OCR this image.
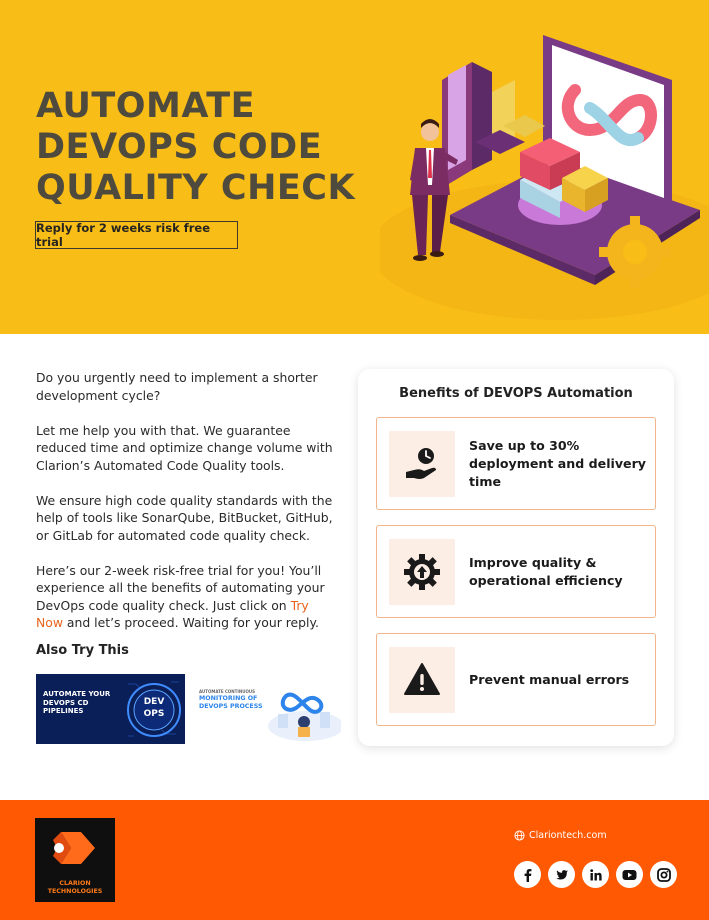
AUTOMATE
DEVOPS CODE
QUALITY CHECK
Reply for 2 weeks risk free trial

Do you urgently need to implement a shorter development cycle?

Let me help you with that. We guarantee reduced time and optimize change volume with Clarion’s Automated Code Quality tools.

We ensure high code quality standards with the help of tools like SonarQube, BitBucket, GitHub, or GitLab for automated code quality check.

Here’s our 2-week risk-free trial for you! You’ll experience all the benefits of automating your DevOps code quality check. Just click on Try Now and let’s proceed. Waiting for your reply.

Also Try This
AUTOMATE YOUR DEVOPS CD PIPELINES
DEV
OPS
AUTOMATE CONTINUOUS
MONITORING OF DEVOPS PROCESS
Benefits of DEVOPS Automation
Save up to 30% deployment and delivery time
Improve quality & operational efficiency
Prevent manual errors
CLARION
TECHNOLOGIES
Clariontech.com
